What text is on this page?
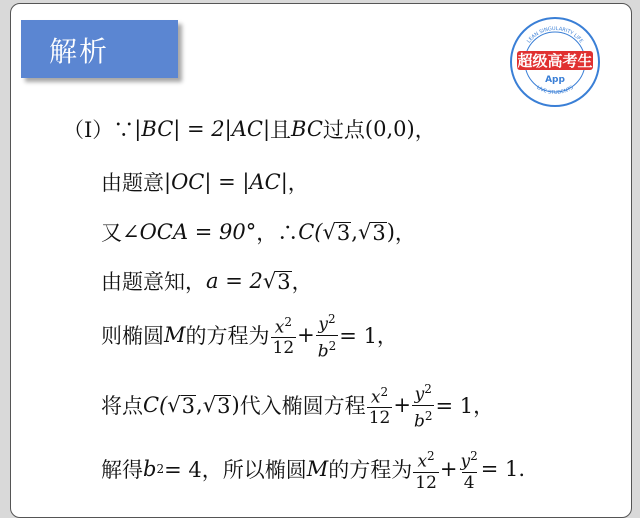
解析	LEAN SINGULARITY LIFE
LIVE STUDENTS
超级高考生
App
（Ⅰ）∵ |BC| = 2|AC| 且 BC 过点 (0,0) ，
由题意 |OC| = |AC| ，
又 ∠OCA = 90° ，∴ C( √ 3 , √ 3 ) ，
由题意知， a = 2 √ 3 ，
则椭圆 M 的方程为 $\frac{x^2}{12} + \frac{y^2}{b^2} = 1$，
将点 C( √ 3 , √ 3 ) 代入椭圆方程 $\frac{x^2}{12} + \frac{y^2}{b^2} = 1$，
解得 b 2 = 4，所以椭圆 M 的方程为 $\frac{x^2}{12} + \frac{y^2}{4} = 1$.
